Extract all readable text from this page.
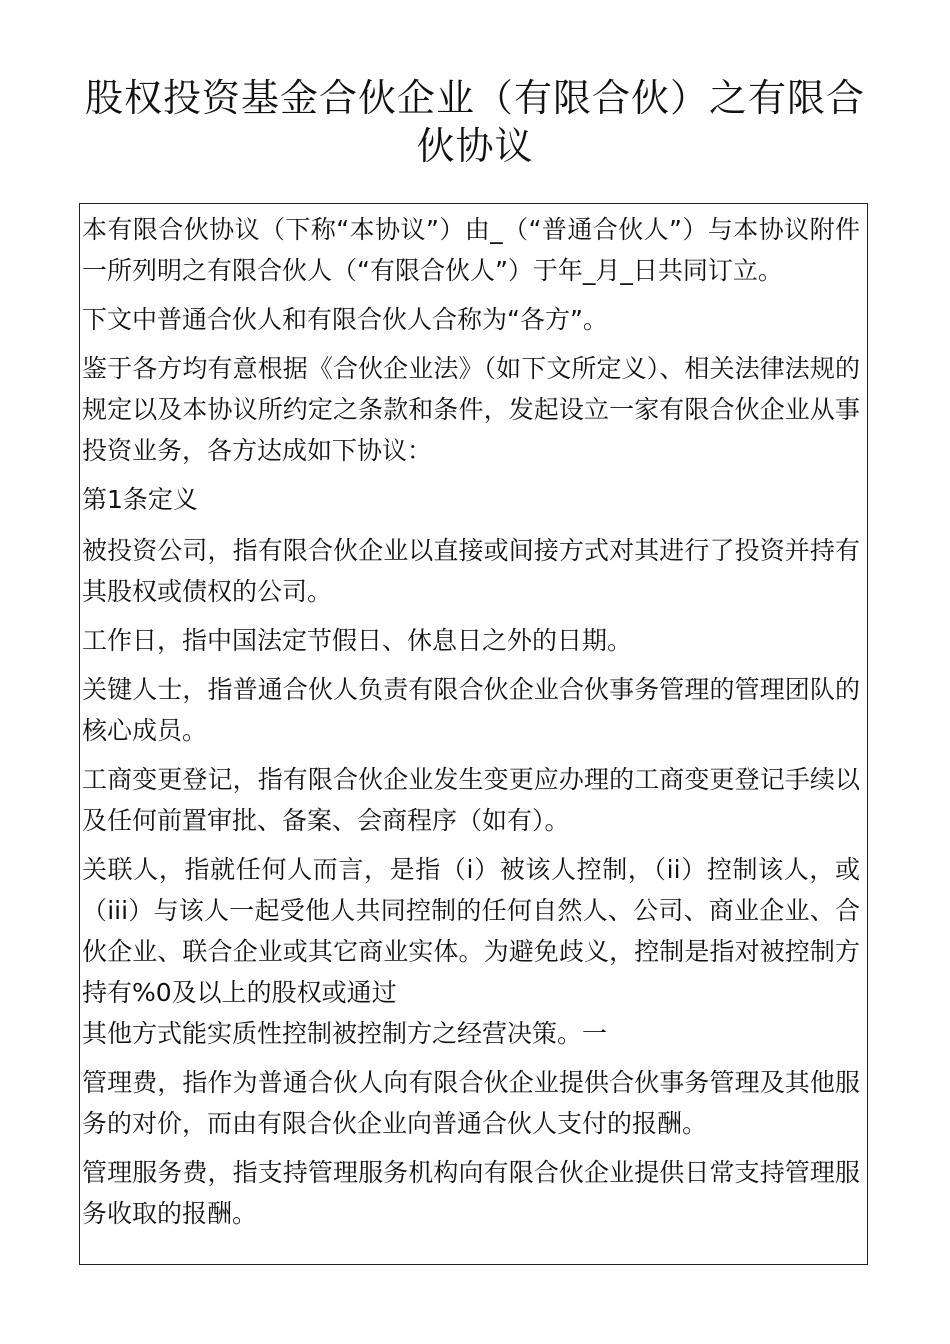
股权投资基金合伙企业（有限合伙）之有限合
伙协议

本有限合伙协议（下称“本协议”）由_（“普通合伙人”）与本协议附件一所列明之有限合伙人（“有限合伙人”）于年_月_日共同订立。

下文中普通合伙人和有限合伙人合称为“各方”。

鉴于各方均有意根据《合伙企业法》（如下文所定义）、相关法律法规的规定以及本协议所约定之条款和条件，发起设立一家有限合伙企业从事投资业务，各方达成如下协议：

第1条定义

被投资公司，指有限合伙企业以直接或间接方式对其进行了投资并持有其股权或债权的公司。

工作日，指中国法定节假日、休息日之外的日期。

关键人士，指普通合伙人负责有限合伙企业合伙事务管理的管理团队的核心成员。

工商变更登记，指有限合伙企业发生变更应办理的工商变更登记手续以及任何前置审批、备案、会商程序（如有）。

关联人，指就任何人而言，是指（i）被该人控制，（ii）控制该人，或（iii）与该人一起受他人共同控制的任何自然人、公司、商业企业、合伙企业、联合企业或其它商业实体。为避免歧义，控制是指对被控制方持有%0及以上的股权或通过
其他方式能实质性控制被控制方之经营决策。一

管理费，指作为普通合伙人向有限合伙企业提供合伙事务管理及其他服务的对价，而由有限合伙企业向普通合伙人支付的报酬。

管理服务费，指支持管理服务机构向有限合伙企业提供日常支持管理服务收取的报酬。
